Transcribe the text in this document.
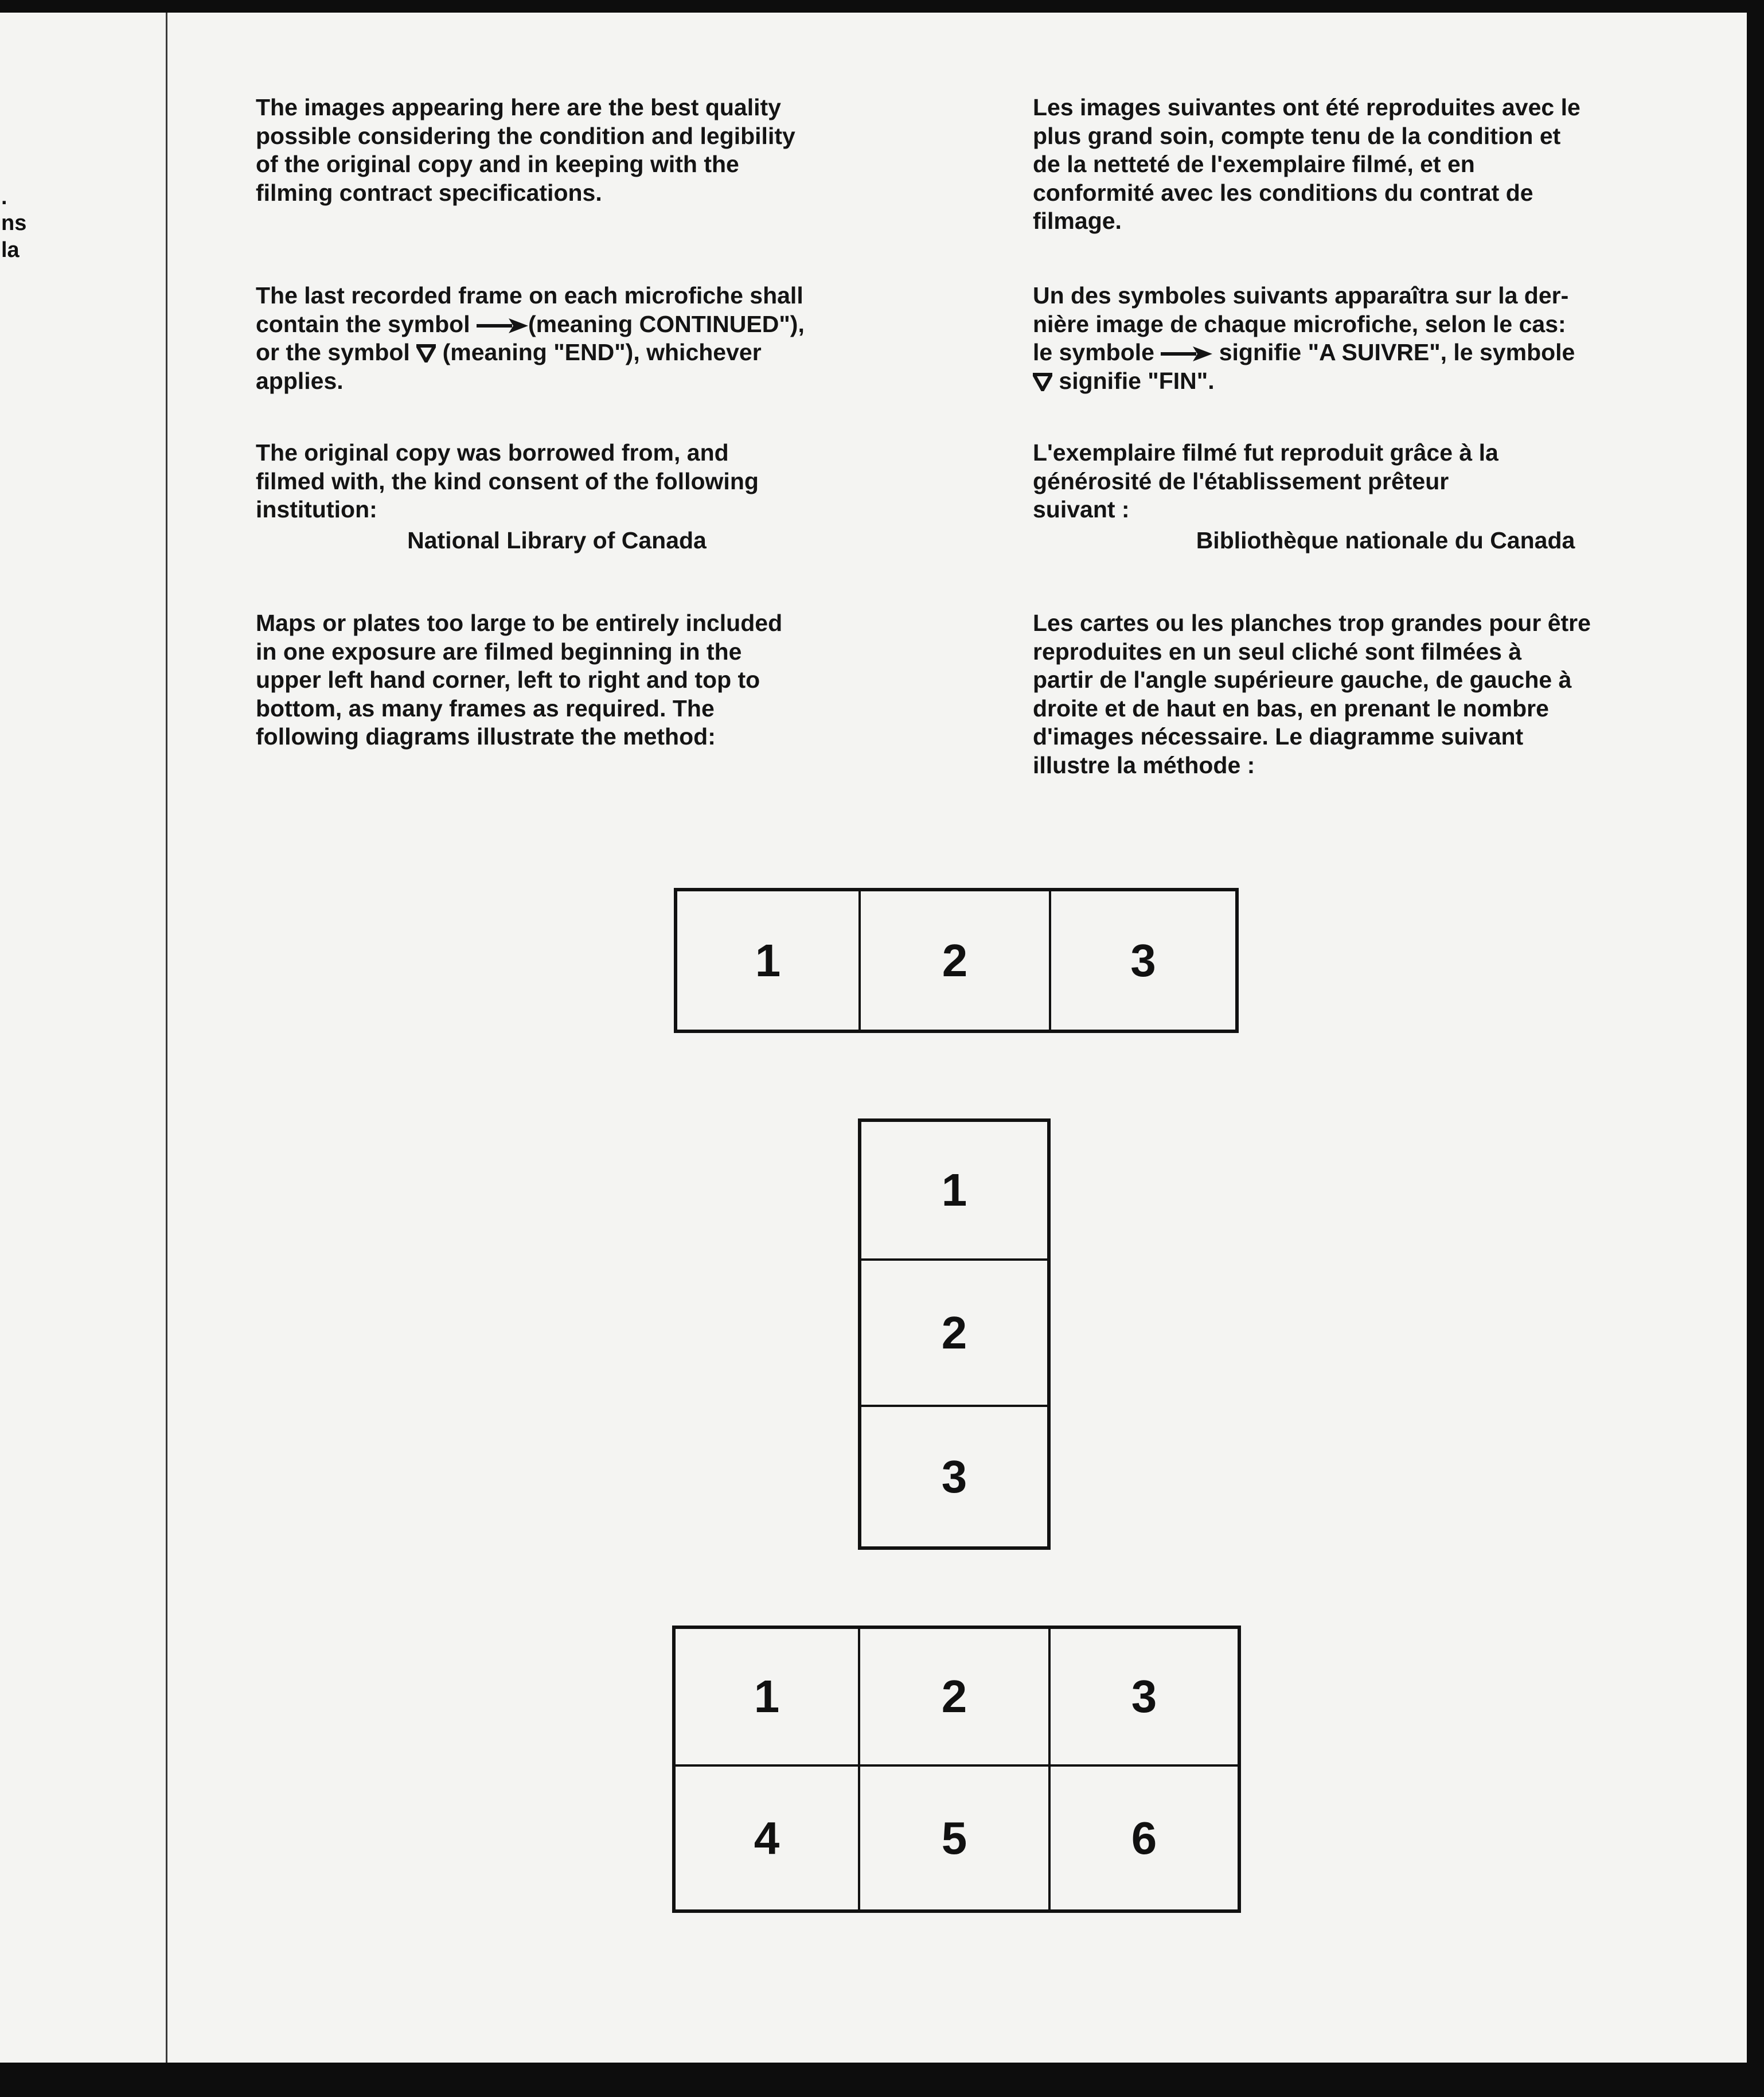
.
ns
la

The images appearing here are the best quality
possible considering the condition and legibility
of the original copy and in keeping with the
filming contract specifications.

The last recorded frame on each microfiche shall
contain the symbol (meaning CONTINUED"),
or the symbol  (meaning "END"), whichever
applies.

The original copy was borrowed from, and
filmed with, the kind consent of the following
institution:

National Library of Canada

Maps or plates too large to be entirely included
in one exposure are filmed beginning in the
upper left hand corner, left to right and top to
bottom, as many frames as required. The
following diagrams illustrate the method:

Les images suivantes ont été reproduites avec le
plus grand soin, compte tenu de la condition et
de la netteté de l'exemplaire filmé, et en
conformité avec les conditions du contrat de
filmage.

Un des symboles suivants apparaîtra sur la der-
nière image de chaque microfiche, selon le cas:
le symbole  signifie "A SUIVRE", le symbole
signifie "FIN".

L'exemplaire filmé fut reproduit grâce à la
générosité de l'établissement prêteur
suivant :

Bibliothèque nationale du Canada

Les cartes ou les planches trop grandes pour être
reproduites en un seul cliché sont filmées à
partir de l'angle supérieure gauche, de gauche à
droite et de haut en bas, en prenant le nombre
d'images nécessaire. Le diagramme suivant
illustre la méthode :

1	2	3
1
2
3
1	2	3
4	5	6
